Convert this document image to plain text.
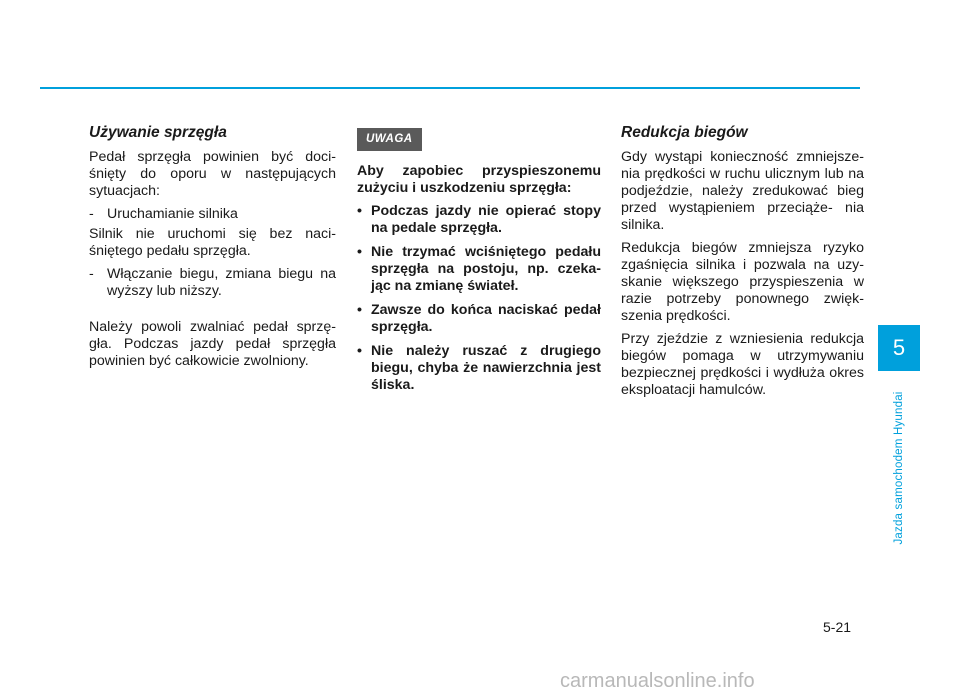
Używanie sprzęgła

Pedał sprzęgła powinien być doci- śnięty do oporu w następujących sytuacjach:

- Uruchamianie silnika

Silnik nie uruchomi się bez naci- śniętego pedału sprzęgła.

- Włączanie biegu, zmiana biegu na wyższy lub niższy.

Należy powoli zwalniać pedał sprzę- gła. Podczas jazdy pedał sprzęgła powinien być całkowicie zwolniony.

UWAGA

Aby zapobiec przyspieszonemu zużyciu i uszkodzeniu sprzęgła:

• Podczas jazdy nie opierać stopy na pedale sprzęgła.
• Nie trzymać wciśniętego pedału sprzęgła na postoju, np. czeka- jąc na zmianę świateł.
• Zawsze do końca naciskać pedał sprzęgła.
• Nie należy ruszać z drugiego biegu, chyba że nawierzchnia jest śliska.
Redukcja biegów

Gdy wystąpi konieczność zmniejsze- nia prędkości w ruchu ulicznym lub na podjeździe, należy zredukować bieg przed wystąpieniem przeciąże- nia silnika.

Redukcja biegów zmniejsza ryzyko zgaśnięcia silnika i pozwala na uzy- skanie większego przyspieszenia w razie potrzeby ponownego zwięk- szenia prędkości.

Przy zjeździe z wzniesienia redukcja biegów pomaga w utrzymywaniu bezpiecznej prędkości i wydłuża okres eksploatacji hamulców.

5
Jazda samochodem Hyundai
5-21
carmanualsonline.info
